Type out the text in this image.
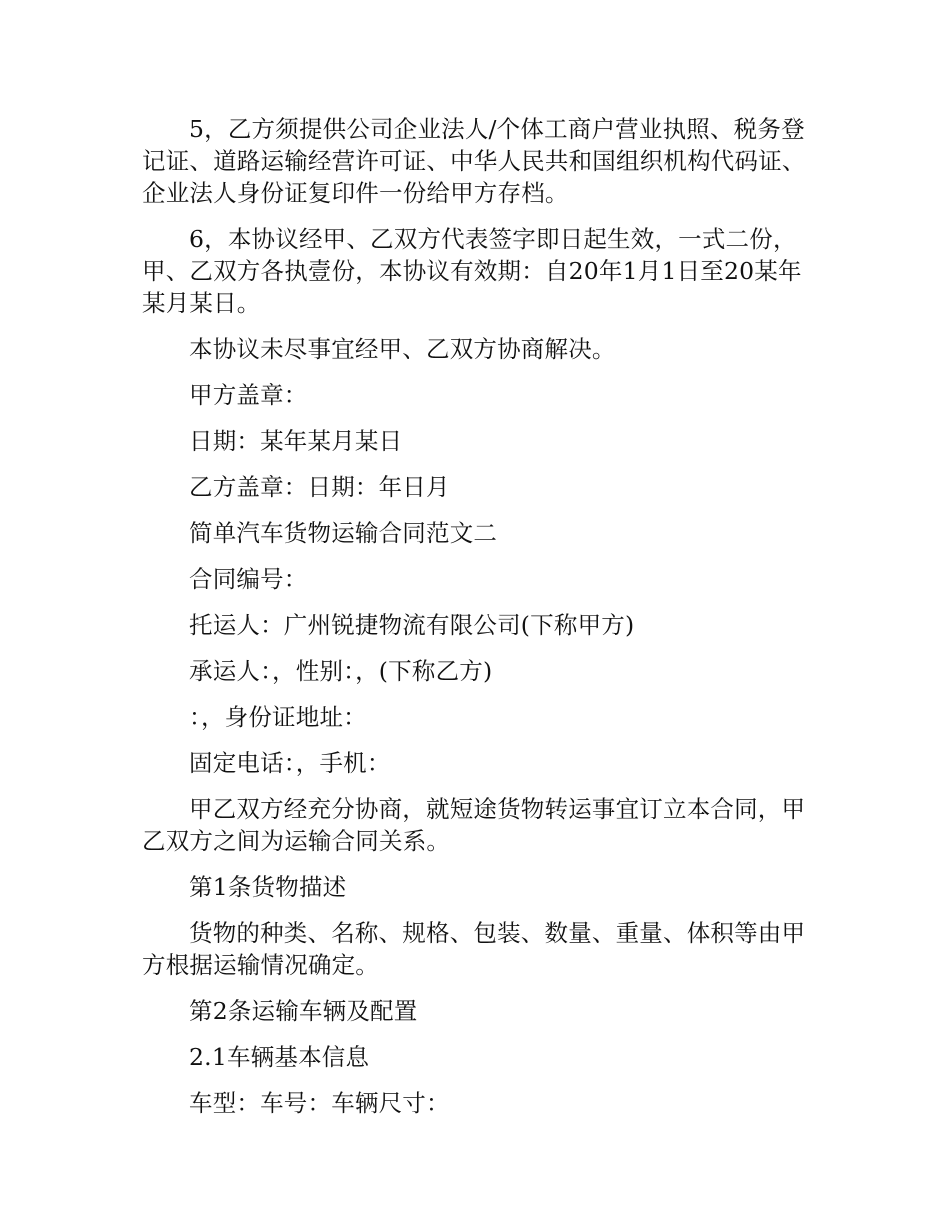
5，乙方须提供公司企业法人/个体工商户营业执照、税务登记证、道路运输经营许可证、中华人民共和国组织机构代码证、企业法人身份证复印件一份给甲方存档。

6，本协议经甲、乙双方代表签字即日起生效，一式二份，甲、乙双方各执壹份，本协议有效期：自20年1月1日至20某年某月某日。

本协议未尽事宜经甲、乙双方协商解决。

甲方盖章：

日期：某年某月某日

乙方盖章：日期：年日月

简单汽车货物运输合同范文二

合同编号：

托运人：广州锐捷物流有限公司(下称甲方)

承运人：，性别：，(下称乙方)

：，身份证地址：

固定电话：，手机：

甲乙双方经充分协商，就短途货物转运事宜订立本合同，甲乙双方之间为运输合同关系。

第1条货物描述

货物的种类、名称、规格、包装、数量、重量、体积等由甲方根据运输情况确定。

第2条运输车辆及配置

2.1车辆基本信息

车型：车号：车辆尺寸：
